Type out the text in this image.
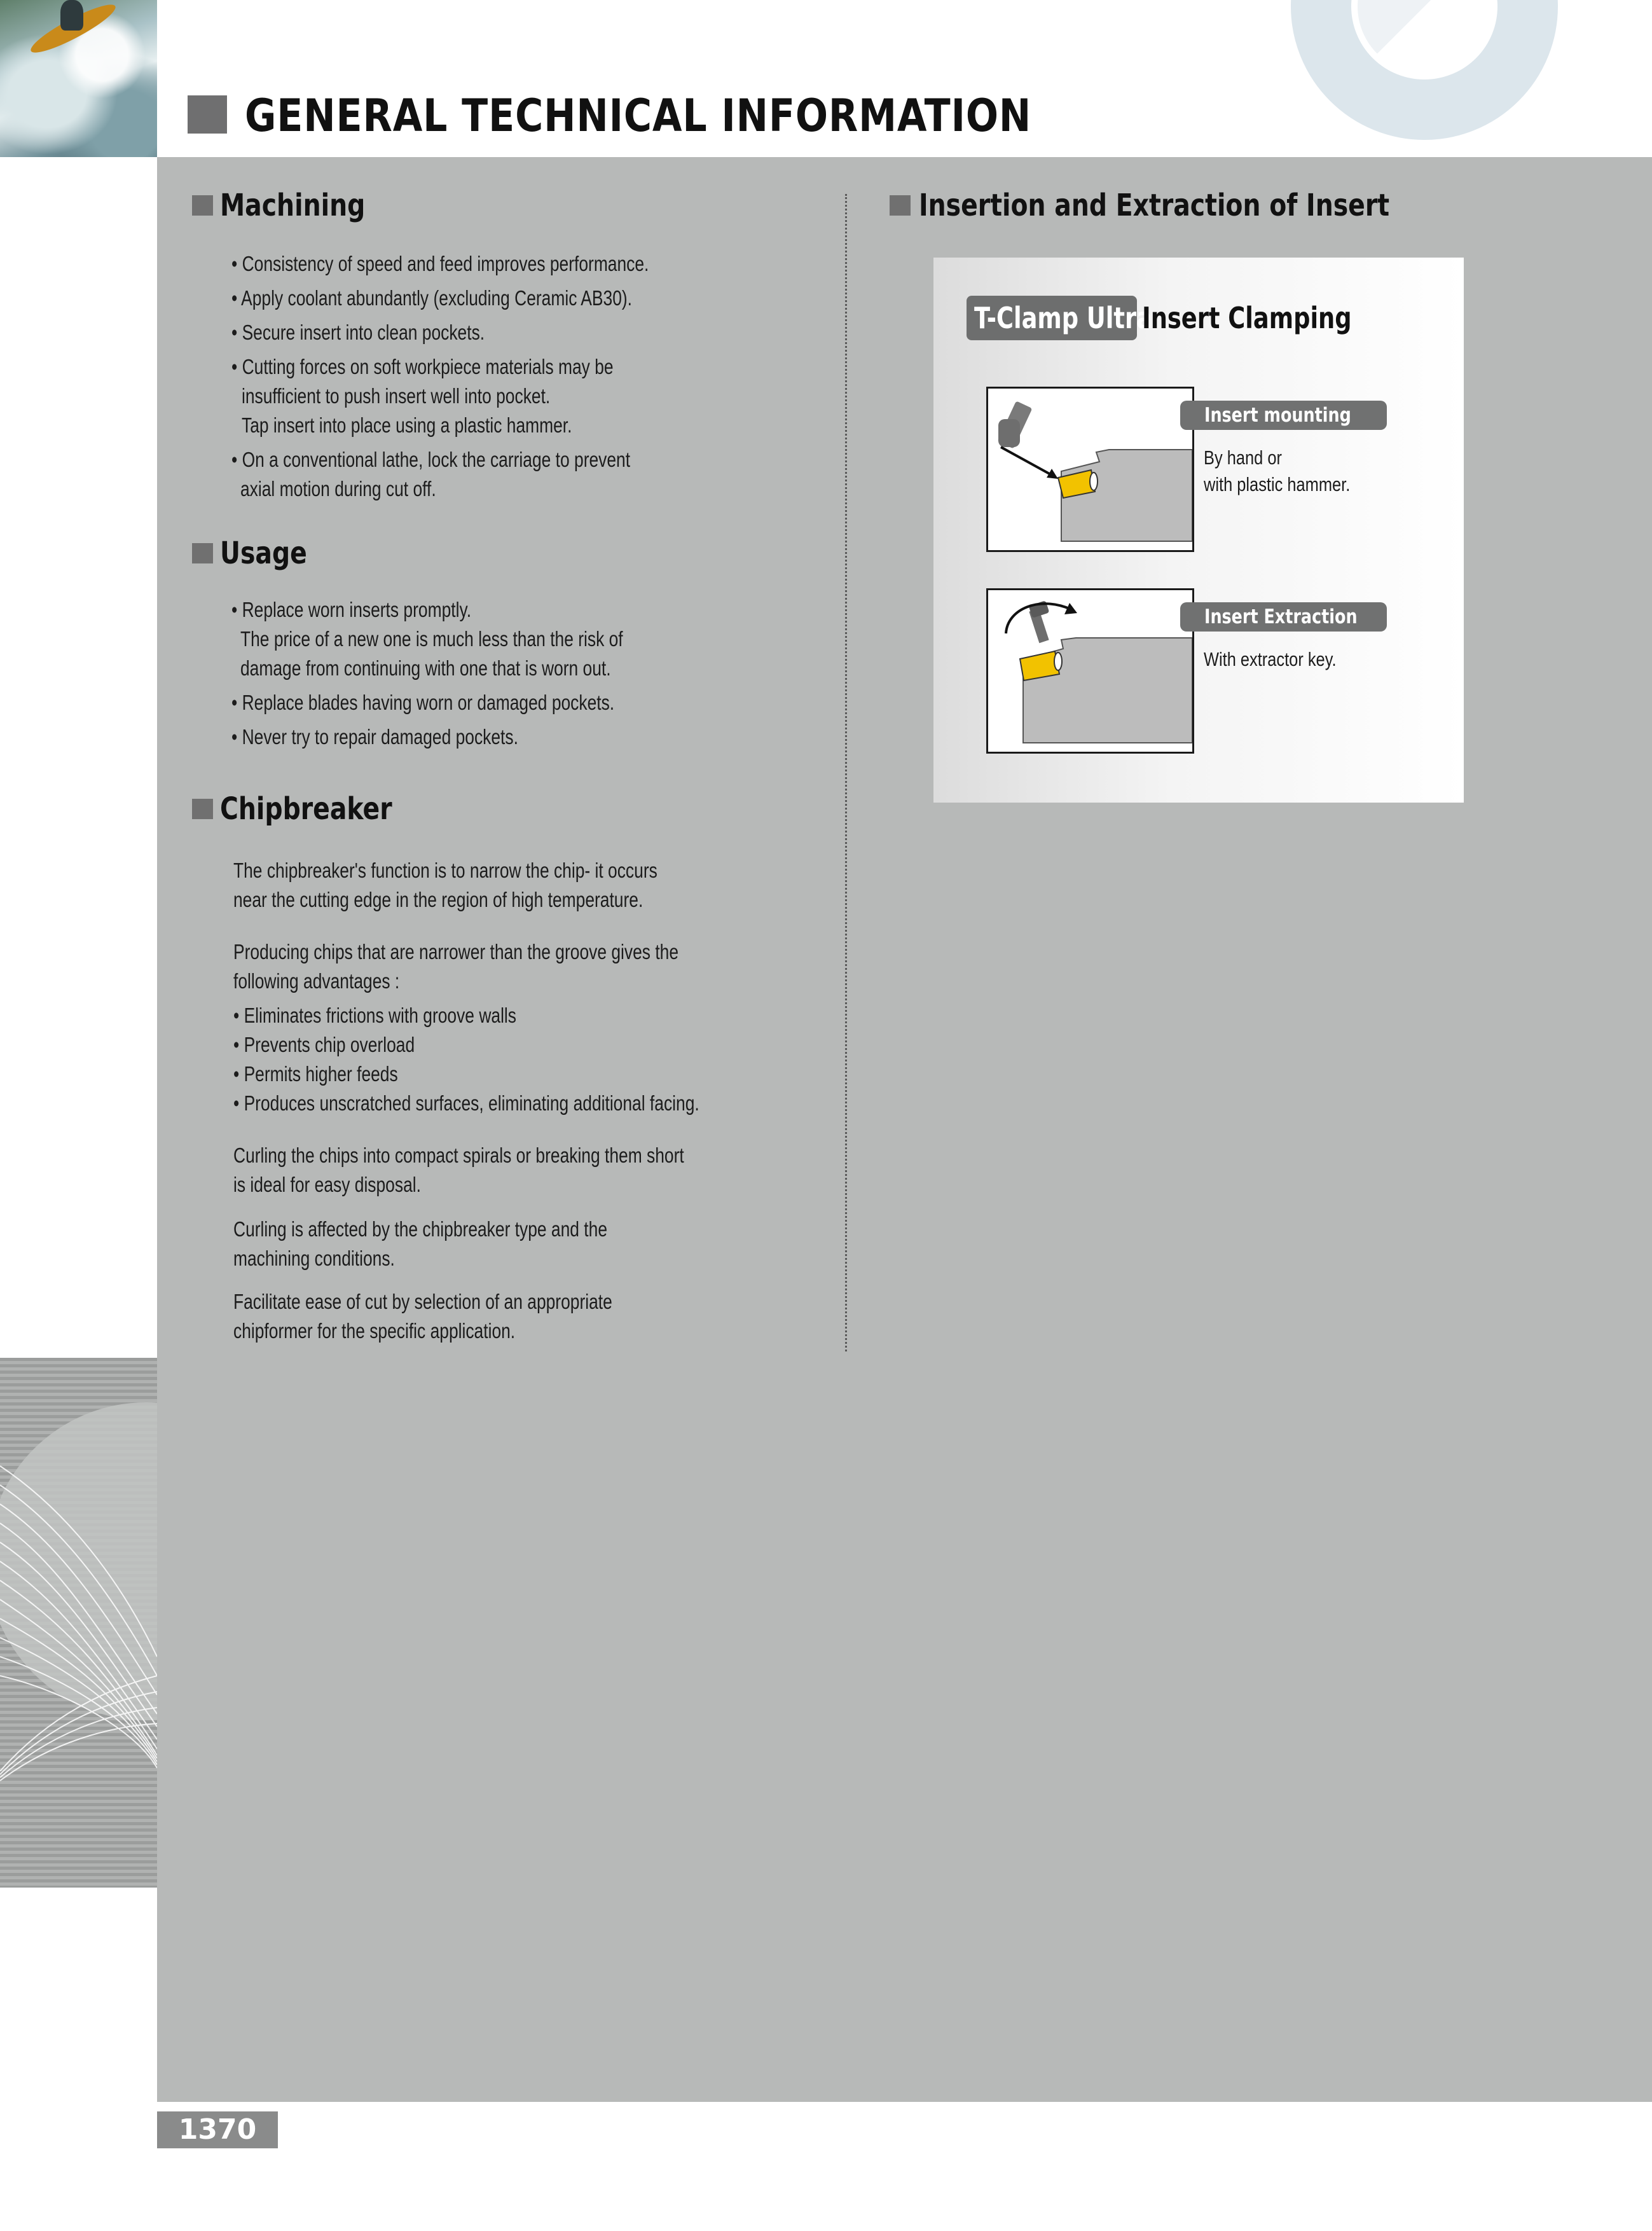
GENERAL TECHNICAL INFORMATION
Machining
• Consistency of speed and feed improves performance.
• Apply coolant abundantly (excluding Ceramic AB30).
• Secure insert into clean pockets.
• Cutting forces on soft workpiece materials may be
insufficient to push insert well into pocket.
Tap insert into place using a plastic hammer.
• On a conventional lathe, lock the carriage to prevent
axial motion during cut off.
Usage
• Replace worn inserts promptly.
The price of a new one is much less than the risk of
damage from continuing with one that is worn out.
• Replace blades having worn or damaged pockets.
• Never try to repair damaged pockets.
Chipbreaker
The chipbreaker's function is to narrow the chip- it occurs
near the cutting edge in the region of high temperature.
Producing chips that are narrower than the groove gives the
following advantages :
• Eliminates frictions with groove walls
• Prevents chip overload
• Permits higher feeds
• Produces unscratched surfaces, eliminating additional facing.
Curling the chips into compact spirals or breaking them short
is ideal for easy disposal.
Curling is affected by the chipbreaker type and the
machining conditions.
Facilitate ease of cut by selection of an appropriate
chipformer for the specific application.
Insertion and Extraction of Insert
T-Clamp Ultra
Insert Clamping
Insert mounting
By hand or
with plastic hammer.
Insert Extraction
With extractor key.
1370
